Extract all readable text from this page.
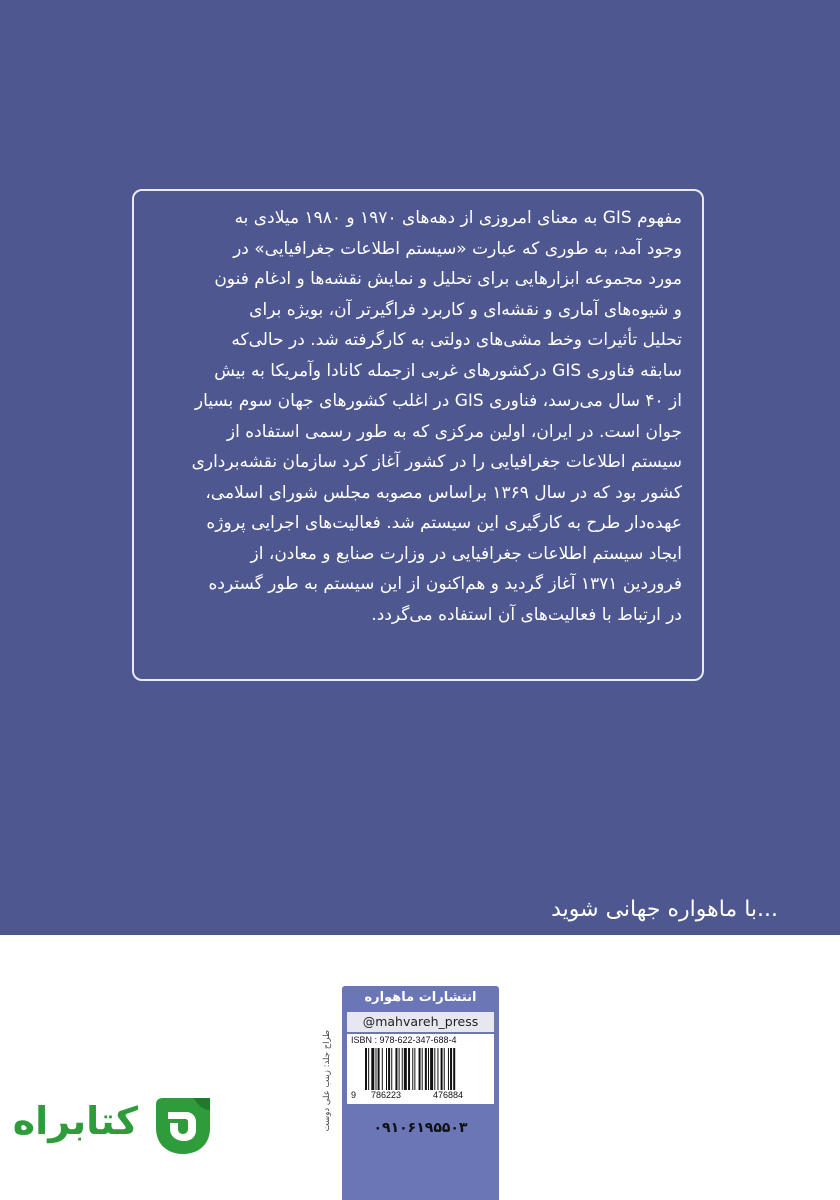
مفهوم GIS به معنای امروزی از دهه‌های ۱۹۷۰ و ۱۹۸۰ میلادی به
وجود آمد، به طوری که عبارت «سیستم اطلاعات جغرافیایی» در
مورد مجموعه ابزارهایی برای تحلیل و نمایش نقشه‌ها و ادغام فنون
و شیوه‌های آماری و نقشه‌ای و کاربرد فراگیرتر آن، بویژه برای
تحلیل تأثیرات وخط مشی‌های دولتی به کارگرفته شد. در حالی‌که
سابقه فناوری GIS درکشورهای غربی ازجمله کانادا وآمریکا به بیش
از ۴۰ سال می‌رسد، فناوری GIS در اغلب کشورهای جهان سوم بسیار
جوان است. در ایران، اولین مرکزی که به طور رسمی استفاده از
سیستم اطلاعات جغرافیایی را در کشور آغاز کرد سازمان نقشه‌برداری
کشور بود که در سال ۱۳۶۹ براساس مصوبه مجلس شورای اسلامی،
عهده‌دار طرح به کارگیری این سیستم شد. فعالیت‌های اجرایی پروژه
ایجاد سیستم اطلاعات جغرافیایی در وزارت صنایع و معادن، از
فروردین ۱۳۷۱ آغاز گردید و هم‌اکنون از این سیستم به طور گسترده
در ارتباط با فعالیت‌های آن استفاده می‌گردد.
...با ماهواره جهانی شوید
طراح جلد: زینب علی دوست
انتشارات ماهواره
@mahvareh_press
ISBN : 978-622-347-688-4
9 786223	476884
۰۹۱۰۶۱۹۵۵۰۳
کتابراه
